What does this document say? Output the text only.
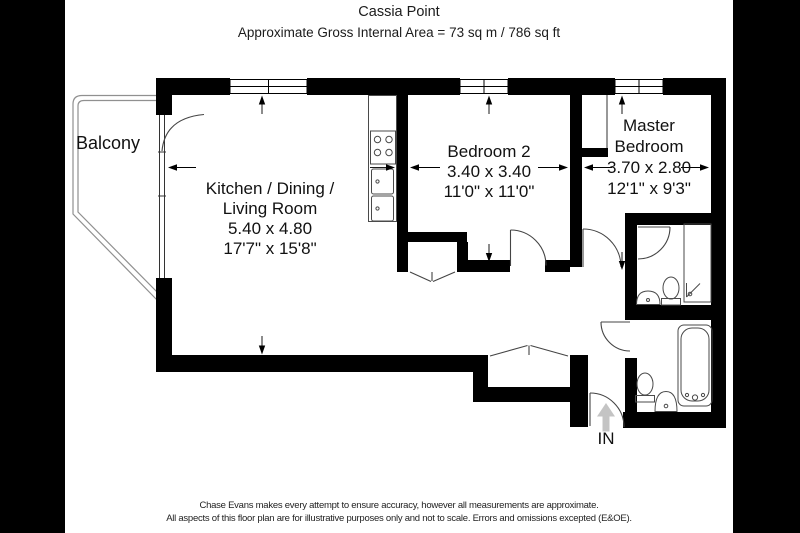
Cassia Point
Approximate Gross Internal Area = 73 sq m / 786 sq ft
Balcony
Kitchen / Dining /
Living Room
5.40 x 4.80
17'7" x 15'8"
Bedroom 2
3.40 x 3.40
11'0" x 11'0"
Master
Bedroom
3.70 x 2.80
12'1" x 9'3"
IN
Chase Evans makes every attempt to ensure accuracy, however all measurements are approximate.
All aspects of this floor plan are for illustrative purposes only and not to scale. Errors and omissions excepted (E&OE).
